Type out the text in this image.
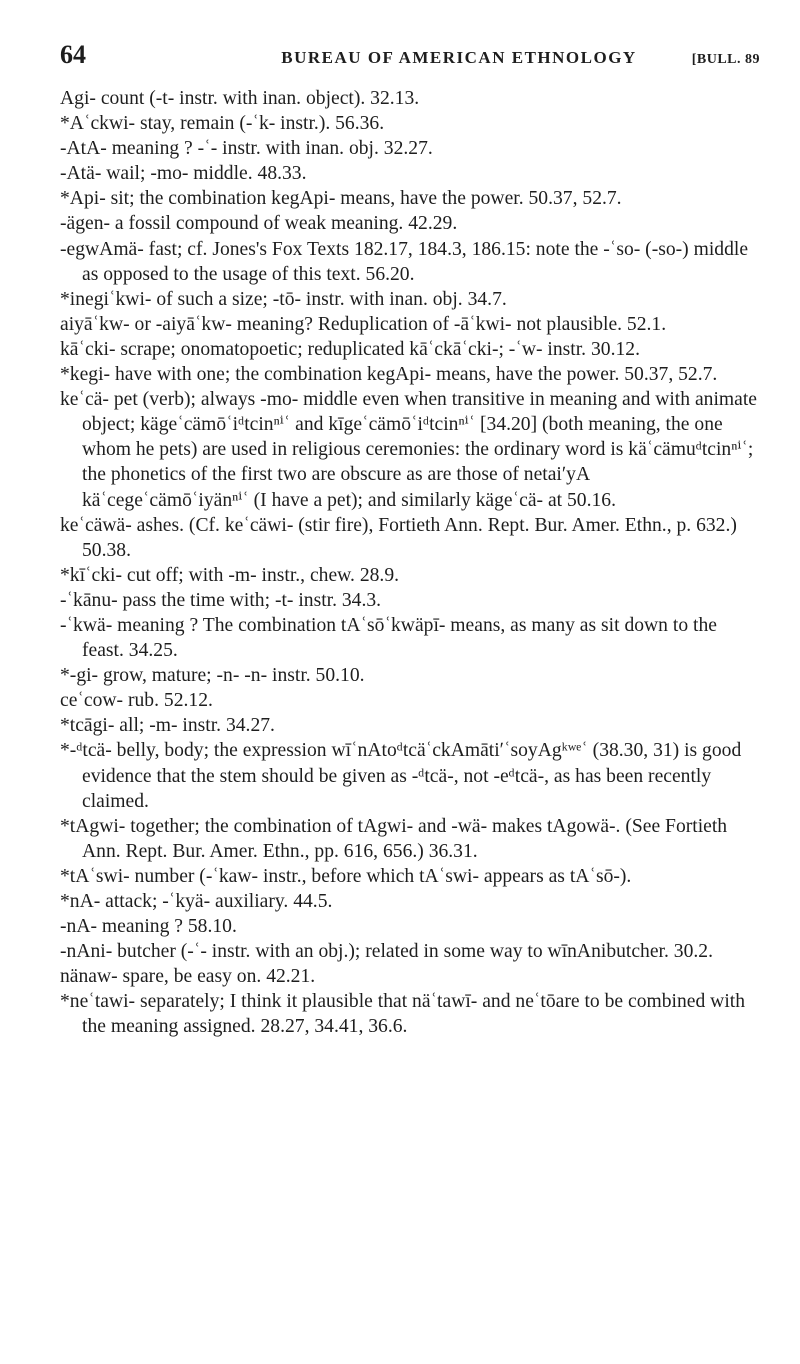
64	BUREAU OF AMERICAN ETHNOLOGY	[BULL. 89

Agi- count (-t- instr. with inan. object). 32.13.

*Aʿckwi- stay, remain (-ʿk- instr.). 56.36.

-AtA- meaning ? -ʿ- instr. with inan. obj. 32.27.

-Atä- wail; -mo- middle. 48.33.

*Api- sit; the combination kegApi- means, have the power. 50.37, 52.7.

-ägen- a fossil compound of weak meaning. 42.29.

-egwAmä- fast; cf. Jones's Fox Texts 182.17, 184.3, 186.15: note the -ʿso- (-so-) middle as opposed to the usage of this text. 56.20.

*inegiʿkwi- of such a size; -tō- instr. with inan. obj. 34.7.

aiyāʿkw- or -aiyāʿkw- meaning? Reduplication of -āʿkwi- not plausible. 52.1.

kāʿcki- scrape; onomatopoetic; reduplicated kāʿckāʿcki-; -ʿw- instr. 30.12.

*kegi- have with one; the combination kegApi- means, have the power. 50.37, 52.7.

keʿcä- pet (verb); always -mo- middle even when transitive in meaning and with animate object; kägeʿcämōʿiᵈtcinⁿⁱʿ and kīgeʿcämōʿiᵈtcinⁿⁱʿ [34.20] (both meaning, the one whom he pets) are used in religious ceremonies: the ordinary word is käʿcämuᵈtcinⁿⁱʿ; the phonetics of the first two are obscure as are those of netaiʹyA käʿcegeʿcämōʿiyänⁿⁱʿ (I have a pet); and similarly kägeʿcä- at 50.16.

keʿcäwä- ashes. (Cf. keʿcäwi- (stir fire), Fortieth Ann. Rept. Bur. Amer. Ethn., p. 632.) 50.38.

*kīʿcki- cut off; with -m- instr., chew. 28.9.

-ʿkānu- pass the time with; -t- instr. 34.3.

-ʿkwä- meaning ? The combination tAʿsōʿkwäpī- means, as many as sit down to the feast. 34.25.

*-gi- grow, mature; -n- -n- instr. 50.10.

ceʿcow- rub. 52.12.

*tcāgi- all; -m- instr. 34.27.

*-ᵈtcä- belly, body; the expression wīʿnAtoᵈtcäʿckAmātiʹʿsoyAgᵏʷᵉʿ (38.30, 31) is good evidence that the stem should be given as -ᵈtcä-, not -eᵈtcä-, as has been recently claimed.

*tAgwi- together; the combination of tAgwi- and -wä- makes tAgowä-. (See Fortieth Ann. Rept. Bur. Amer. Ethn., pp. 616, 656.) 36.31.

*tAʿswi- number (-ʿkaw- instr., before which tAʿswi- appears as tAʿsō-).

*nA- attack; -ʿkyä- auxiliary. 44.5.

-nA- meaning ? 58.10.

-nAni- butcher (-ʿ- instr. with an obj.); related in some way to wīnAnibutcher. 30.2.

nänaw- spare, be easy on. 42.21.

*neʿtawi- separately; I think it plausible that näʿtawī- and neʿtōare to be combined with the meaning assigned. 28.27, 34.41, 36.6.
